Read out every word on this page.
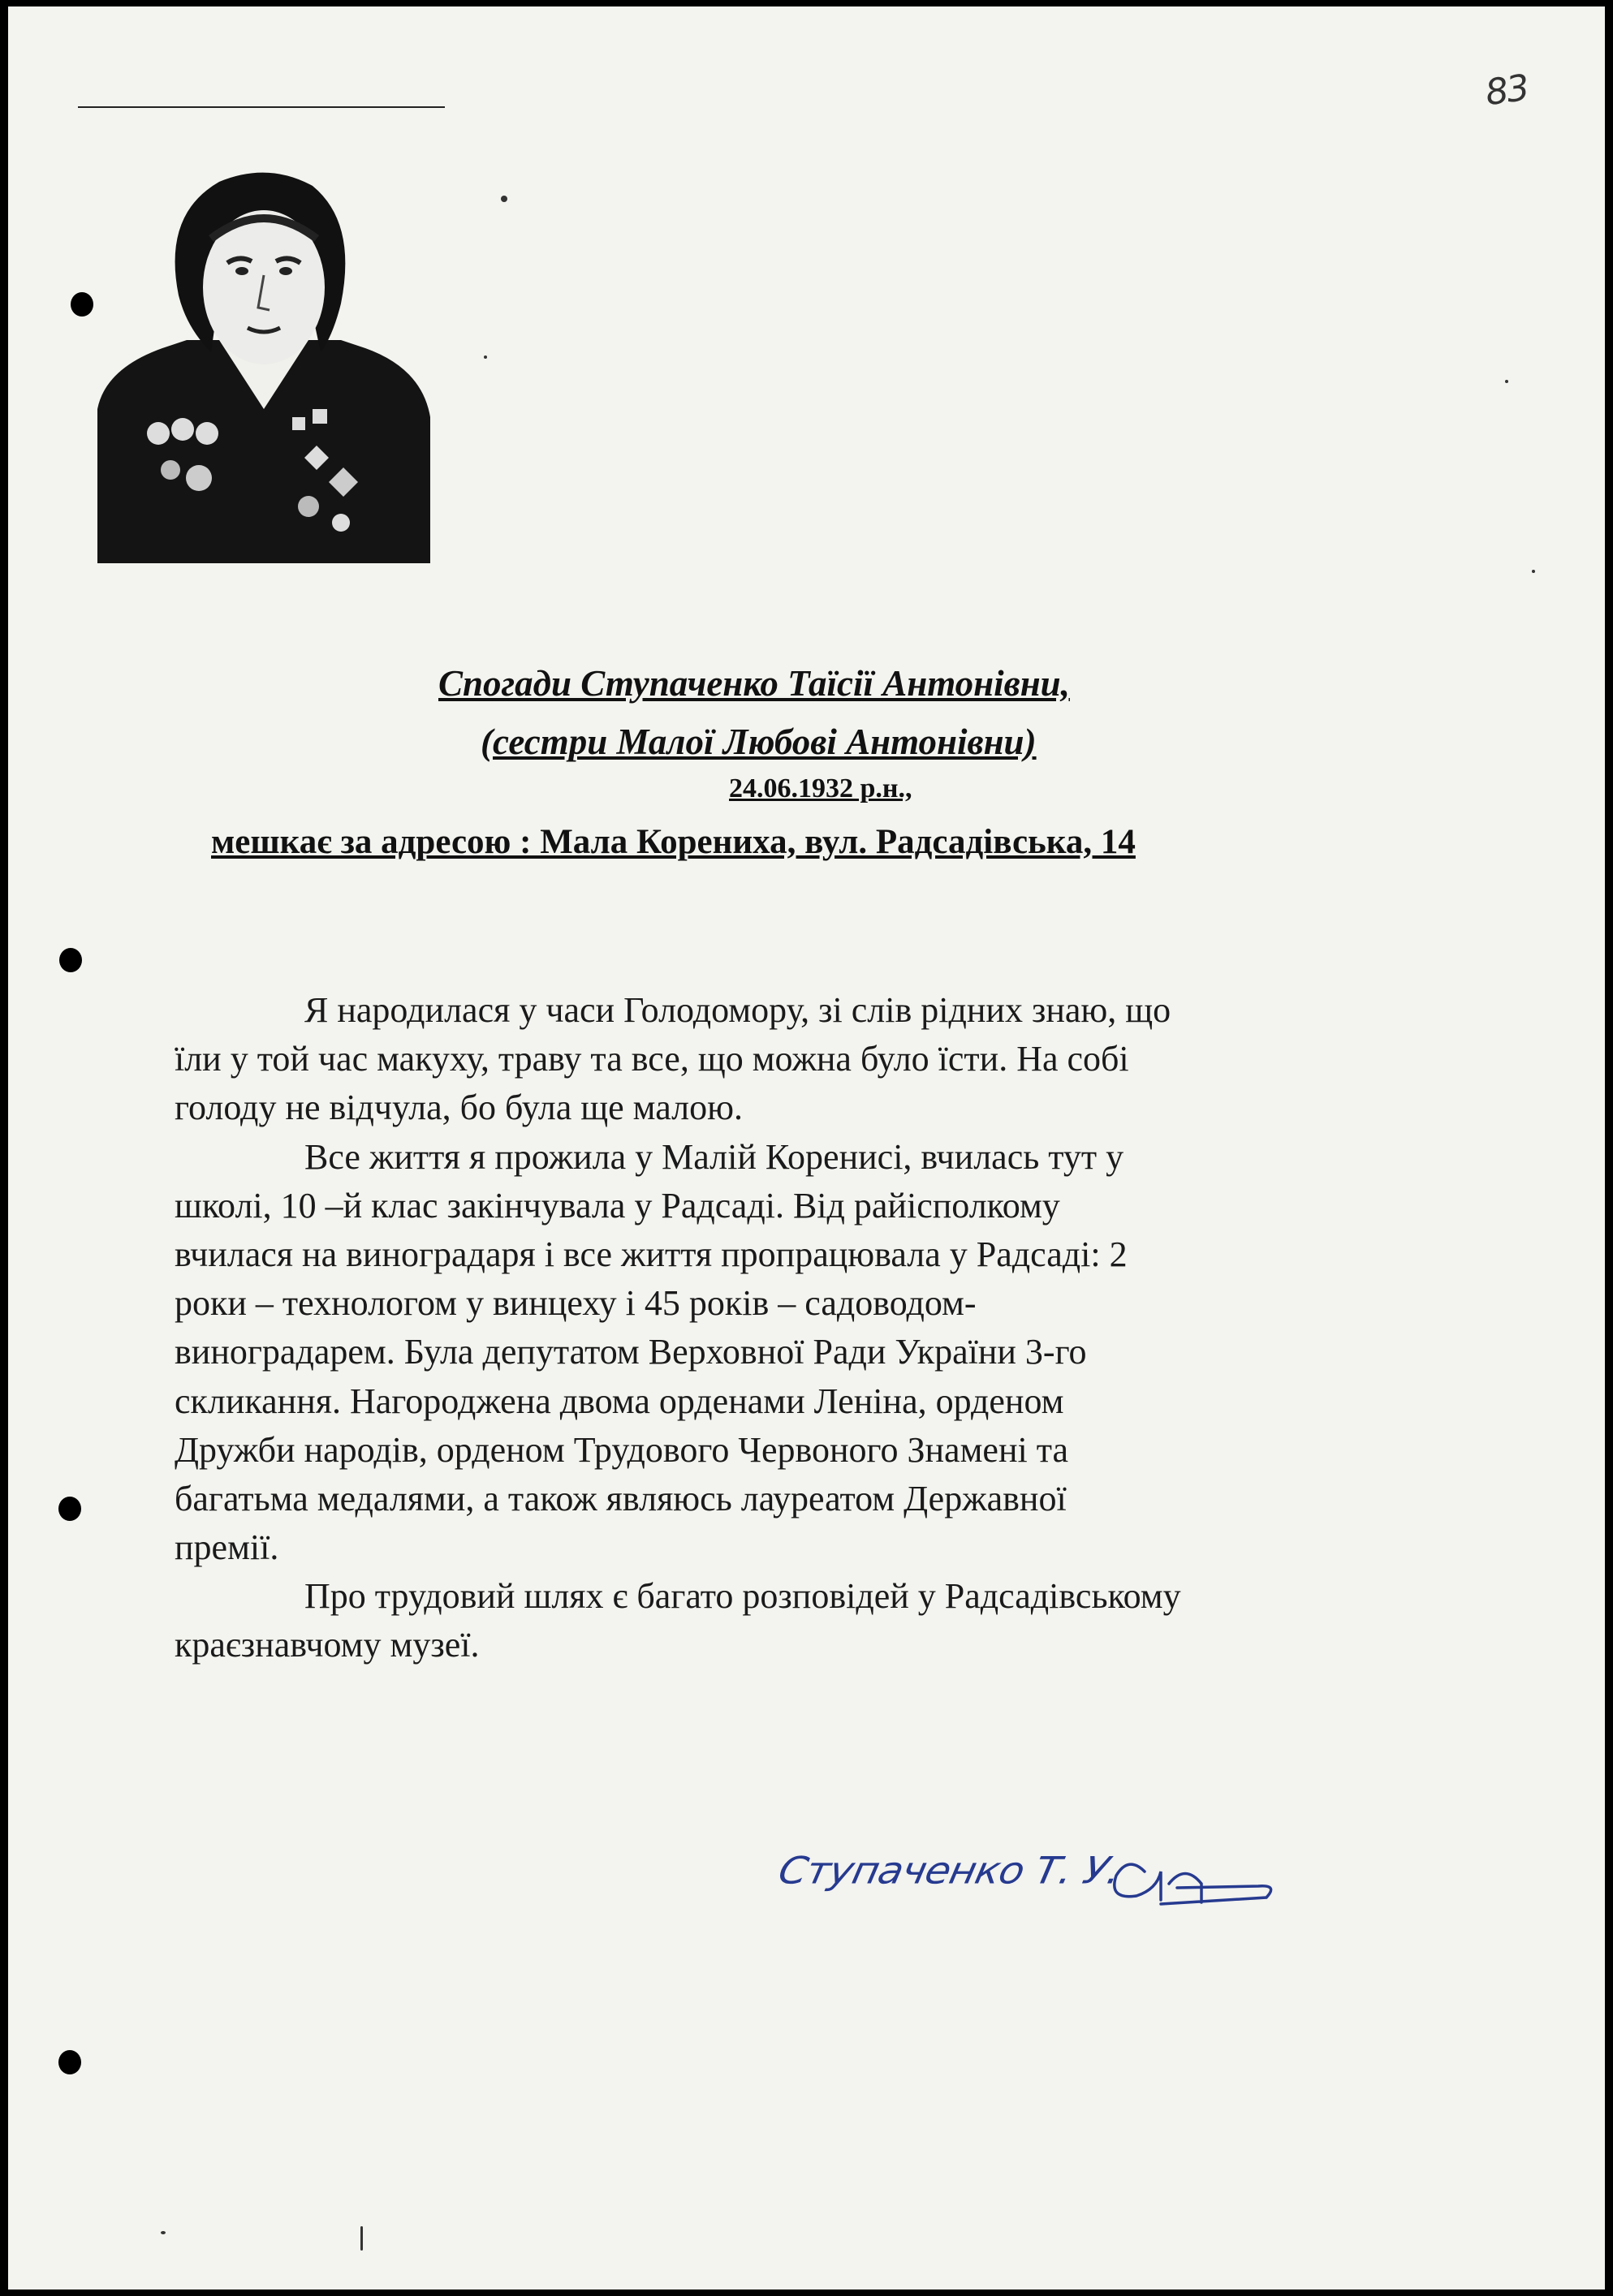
83
Спогади Ступаченко Таїсії Антонівни,
(сестри Малої Любові Антонівни)
24.06.1932 р.н.,
мешкає за адресою : Мала Корениха, вул. Радсадівська, 14
Я народилася у часи Голодомору, зі слів рідних знаю, що
їли у той час макуху, траву та все, що можна було їсти. На собі
голоду не відчула, бо була ще малою.
Все життя я прожила у Малій Коренисі, вчилась тут у
школі, 10 –й клас закінчувала у Радсаді. Від райісполкому
вчилася на виноградаря і все життя пропрацювала у Радсаді: 2
роки – технологом у винцеху і 45 років – садоводом-
виноградарем. Була депутатом Верховної Ради України 3-го
скликання. Нагороджена двома орденами Леніна, орденом
Дружби народів, орденом Трудового Червоного Знамені та
багатьма медалями, а також являюсь лауреатом Державної
премії.
Про трудовий шлях є багато розповідей у Радсадівському
краєзнавчому музеї.
Ступаченко Т. У.
